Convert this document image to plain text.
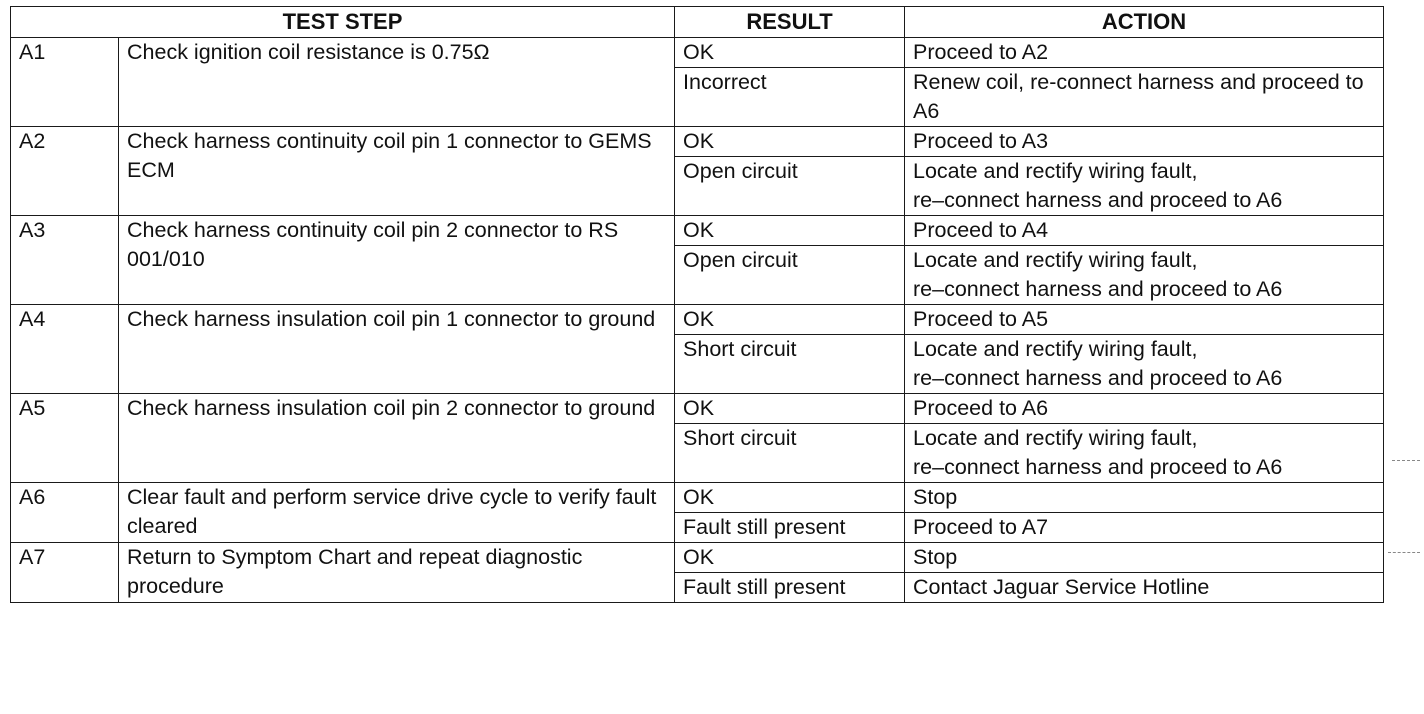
TEST STEP		RESULT	ACTION
A1	Check ignition coil resistance is 0.75Ω	OK	Proceed to A2
		Incorrect	Renew coil, re-connect harness and proceed to A6
A2	Check harness continuity coil pin 1 connector to GEMS ECM	OK	Proceed to A3
		Open circuit	Locate and rectify wiring fault,
re–connect harness and proceed to A6
A3	Check harness continuity coil pin 2 connector to RS 001/010	OK	Proceed to A4
		Open circuit	Locate and rectify wiring fault,
re–connect harness and proceed to A6
A4	Check harness insulation coil pin 1 connector to ground	OK	Proceed to A5
		Short circuit	Locate and rectify wiring fault,
re–connect harness and proceed to A6
A5	Check harness insulation coil pin 2 connector to ground	OK	Proceed to A6
		Short circuit	Locate and rectify wiring fault,
re–connect harness and proceed to A6
A6	Clear fault and perform service drive cycle to verify fault cleared	OK	Stop
		Fault still present	Proceed to A7
A7	Return to Symptom Chart and repeat diagnostic procedure	OK	Stop
		Fault still present	Contact Jaguar Service Hotline
